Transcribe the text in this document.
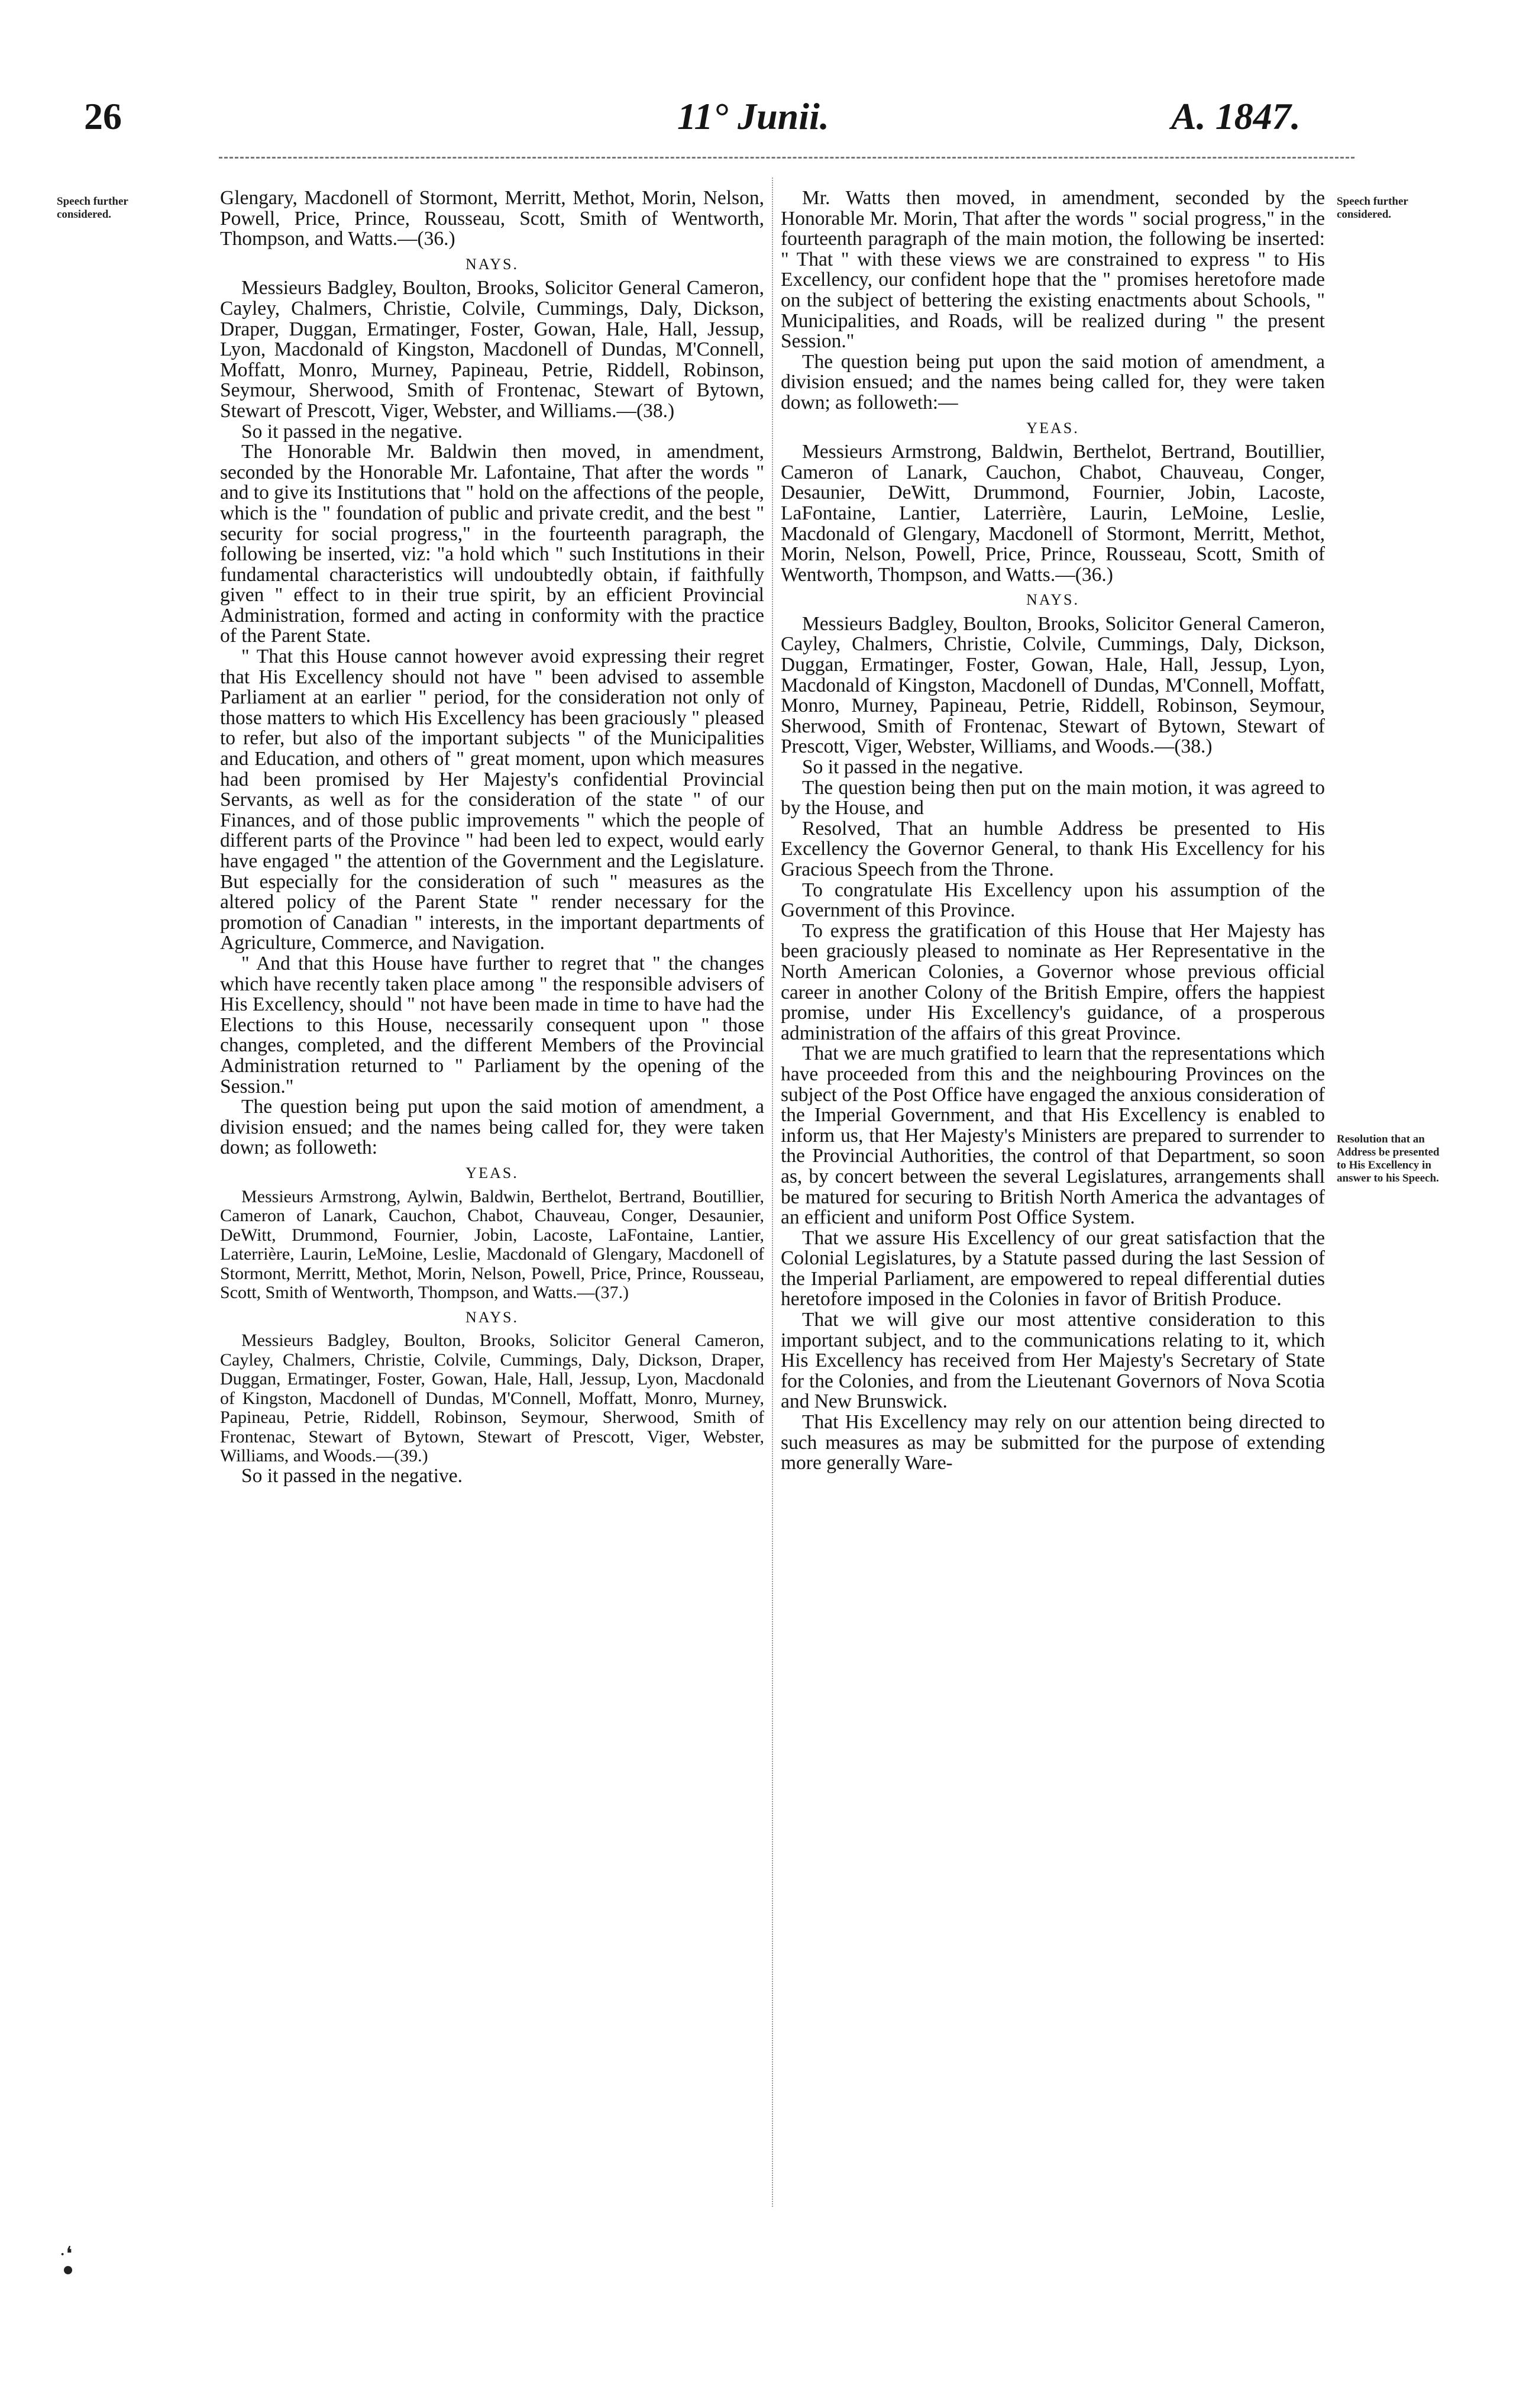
26	11° Junii.	A. 1847.
Speech further considered.
Speech further considered.
Resolution that an Address be presented to His Excellency in answer to his Speech.

Glengary, Macdonell of Stormont, Merritt, Methot, Morin, Nelson, Powell, Price, Prince, Rousseau, Scott, Smith of Wentworth, Thompson, and Watts.—(36.)

NAYS.

Messieurs Badgley, Boulton, Brooks, Solicitor General Cameron, Cayley, Chalmers, Christie, Colvile, Cummings, Daly, Dickson, Draper, Duggan, Ermatinger, Foster, Gowan, Hale, Hall, Jessup, Lyon, Macdonald of Kingston, Macdonell of Dundas, M'Connell, Moffatt, Monro, Murney, Papineau, Petrie, Riddell, Robinson, Seymour, Sherwood, Smith of Frontenac, Stewart of Bytown, Stewart of Prescott, Viger, Webster, and Williams.—(38.)

So it passed in the negative.

The Honorable Mr. Baldwin then moved, in amendment, seconded by the Honorable Mr. Lafontaine, That after the words " and to give its Institutions that " hold on the affections of the people, which is the " foundation of public and private credit, and the best " security for social progress," in the fourteenth paragraph, the following be inserted, viz: "a hold which " such Institutions in their fundamental characteristics will undoubtedly obtain, if faithfully given " effect to in their true spirit, by an efficient Provincial Administration, formed and acting in conformity with the practice of the Parent State.

" That this House cannot however avoid expressing their regret that His Excellency should not have " been advised to assemble Parliament at an earlier " period, for the consideration not only of those matters to which His Excellency has been graciously " pleased to refer, but also of the important subjects " of the Municipalities and Education, and others of " great moment, upon which measures had been promised by Her Majesty's confidential Provincial Servants, as well as for the consideration of the state " of our Finances, and of those public improvements " which the people of different parts of the Province " had been led to expect, would early have engaged " the attention of the Government and the Legislature. But especially for the consideration of such " measures as the altered policy of the Parent State " render necessary for the promotion of Canadian " interests, in the important departments of Agriculture, Commerce, and Navigation.

" And that this House have further to regret that " the changes which have recently taken place among " the responsible advisers of His Excellency, should " not have been made in time to have had the Elections to this House, necessarily consequent upon " those changes, completed, and the different Members of the Provincial Administration returned to " Parliament by the opening of the Session."

The question being put upon the said motion of amendment, a division ensued; and the names being called for, they were taken down; as followeth:

YEAS.

Messieurs Armstrong, Aylwin, Baldwin, Berthelot, Bertrand, Boutillier, Cameron of Lanark, Cauchon, Chabot, Chauveau, Conger, Desaunier, DeWitt, Drummond, Fournier, Jobin, Lacoste, LaFontaine, Lantier, Laterrière, Laurin, LeMoine, Leslie, Macdonald of Glengary, Macdonell of Stormont, Merritt, Methot, Morin, Nelson, Powell, Price, Prince, Rousseau, Scott, Smith of Wentworth, Thompson, and Watts.—(37.)

NAYS.

Messieurs Badgley, Boulton, Brooks, Solicitor General Cameron, Cayley, Chalmers, Christie, Colvile, Cummings, Daly, Dickson, Draper, Duggan, Ermatinger, Foster, Gowan, Hale, Hall, Jessup, Lyon, Macdonald of Kingston, Macdonell of Dundas, M'Connell, Moffatt, Monro, Murney, Papineau, Petrie, Riddell, Robinson, Seymour, Sherwood, Smith of Frontenac, Stewart of Bytown, Stewart of Prescott, Viger, Webster, Williams, and Woods.—(39.)

So it passed in the negative.

Mr. Watts then moved, in amendment, seconded by the Honorable Mr. Morin, That after the words " social progress," in the fourteenth paragraph of the main motion, the following be inserted: " That " with these views we are constrained to express " to His Excellency, our confident hope that the " promises heretofore made on the subject of bettering the existing enactments about Schools, " Municipalities, and Roads, will be realized during " the present Session."

The question being put upon the said motion of amendment, a division ensued; and the names being called for, they were taken down; as followeth:—

YEAS.

Messieurs Armstrong, Baldwin, Berthelot, Bertrand, Boutillier, Cameron of Lanark, Cauchon, Chabot, Chauveau, Conger, Desaunier, DeWitt, Drummond, Fournier, Jobin, Lacoste, LaFontaine, Lantier, Laterrière, Laurin, LeMoine, Leslie, Macdonald of Glengary, Macdonell of Stormont, Merritt, Methot, Morin, Nelson, Powell, Price, Prince, Rousseau, Scott, Smith of Wentworth, Thompson, and Watts.—(36.)

NAYS.

Messieurs Badgley, Boulton, Brooks, Solicitor General Cameron, Cayley, Chalmers, Christie, Colvile, Cummings, Daly, Dickson, Duggan, Ermatinger, Foster, Gowan, Hale, Hall, Jessup, Lyon, Macdonald of Kingston, Macdonell of Dundas, M'Connell, Moffatt, Monro, Murney, Papineau, Petrie, Riddell, Robinson, Seymour, Sherwood, Smith of Frontenac, Stewart of Bytown, Stewart of Prescott, Viger, Webster, Williams, and Woods.—(38.)

So it passed in the negative.

The question being then put on the main motion, it was agreed to by the House, and

Resolved, That an humble Address be presented to His Excellency the Governor General, to thank His Excellency for his Gracious Speech from the Throne.

To congratulate His Excellency upon his assumption of the Government of this Province.

To express the gratification of this House that Her Majesty has been graciously pleased to nominate as Her Representative in the North American Colonies, a Governor whose previous official career in another Colony of the British Empire, offers the happiest promise, under His Excellency's guidance, of a prosperous administration of the affairs of this great Province.

That we are much gratified to learn that the representations which have proceeded from this and the neighbouring Provinces on the subject of the Post Office have engaged the anxious consideration of the Imperial Government, and that His Excellency is enabled to inform us, that Her Majesty's Ministers are prepared to surrender to the Provincial Authorities, the control of that Department, so soon as, by concert between the several Legislatures, arrangements shall be matured for securing to British North America the advantages of an efficient and uniform Post Office System.

That we assure His Excellency of our great satisfaction that the Colonial Legislatures, by a Statute passed during the last Session of the Imperial Parliament, are empowered to repeal differential duties heretofore imposed in the Colonies in favor of British Produce.

That we will give our most attentive consideration to this important subject, and to the communications relating to it, which His Excellency has received from Her Majesty's Secretary of State for the Colonies, and from the Lieutenant Governors of Nova Scotia and New Brunswick.

That His Excellency may rely on our attention being directed to such measures as may be submitted for the purpose of extending more generally Ware-

·❛
